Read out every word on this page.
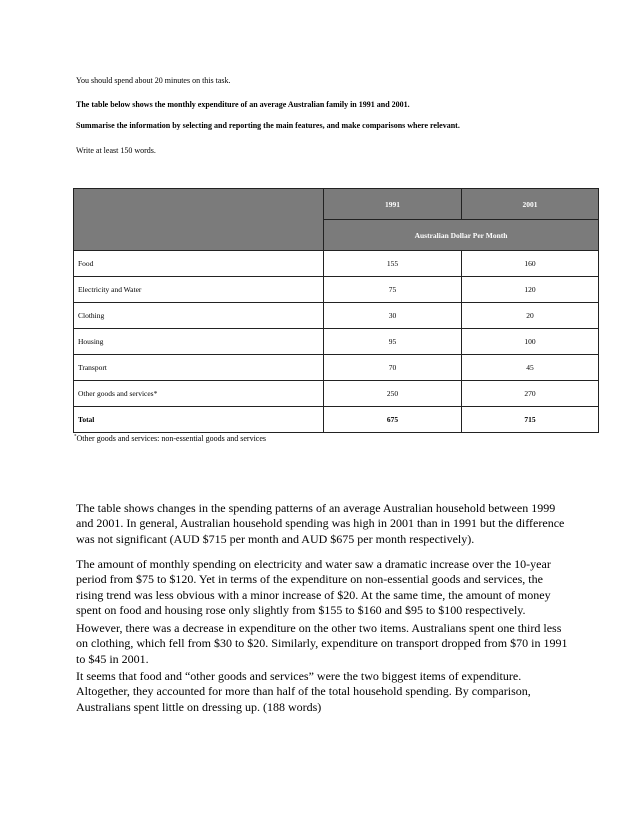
You should spend about 20 minutes on this task.
The table below shows the monthly expenditure of an average Australian family in 1991 and 2001.
Summarise the information by selecting and reporting the main features, and make comparisons where relevant.
Write at least 150 words.
	1991	2001
	Australian Dollar Per Month	
Food	155	160
Electricity and Water	75	120
Clothing	30	20
Housing	95	100
Transport	70	45
Other goods and services*	250	270
Total	675	715
*Other goods and services: non-essential goods and services

The table shows changes in the spending patterns of an average Australian household between 1999 and 2001. In general, Australian household spending was high in 2001 than in 1991 but the difference was not significant (AUD $715 per month and AUD $675 per month respectively).

The amount of monthly spending on electricity and water saw a dramatic increase over the 10-year period from $75 to $120. Yet in terms of the expenditure on non-essential goods and services, the rising trend was less obvious with a minor increase of $20. At the same time, the amount of money spent on food and housing rose only slightly from $155 to $160 and $95 to $100 respectively.

However, there was a decrease in expenditure on the other two items. Australians spent one third less on clothing, which fell from $30 to $20. Similarly, expenditure on transport dropped from $70 in 1991 to $45 in 2001.

It seems that food and “other goods and services” were the two biggest items of expenditure. Altogether, they accounted for more than half of the total household spending. By comparison, Australians spent little on dressing up. (188 words)
